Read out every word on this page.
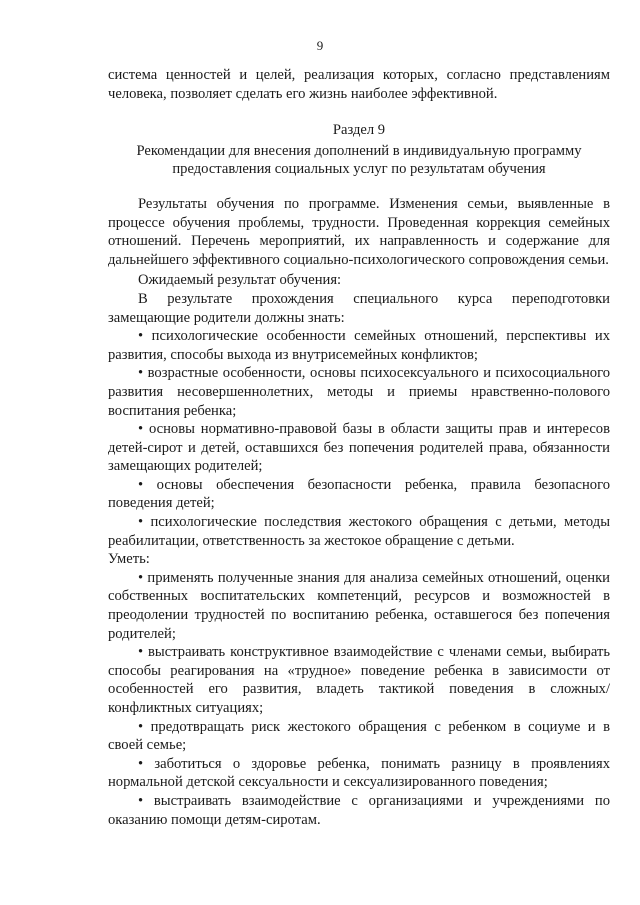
9

система ценностей и целей, реализация которых, согласно представлениям человека, позволяет сделать его жизнь наиболее эффективной.

Раздел 9

Рекомендации для внесения дополнений в индивидуальную программу

предоставления социальных услуг по результатам обучения

Результаты обучения по программе. Изменения семьи, выявленные в процессе обучения проблемы, трудности. Проведенная коррекция семейных отношений. Перечень мероприятий, их направленность и содержание для дальнейшего эффективного социально-психологического сопровождения семьи.

Ожидаемый результат обучения:

В результате прохождения специального курса переподготовки замещающие родители должны знать:

• психологические особенности семейных отношений, перспективы их развития, способы выхода из внутрисемейных конфликтов;

• возрастные особенности, основы психосексуального и психосоциального развития несовершеннолетних, методы и приемы нравственно-полового воспитания ребенка;

• основы нормативно-правовой базы в области защиты прав и интересов детей-сирот и детей, оставшихся без попечения родителей права, обязанности замещающих родителей;

• основы обеспечения безопасности ребенка, правила безопасного поведения детей;

• психологические последствия жестокого обращения с детьми, методы реабилитации, ответственность за жестокое обращение с детьми.

Уметь:

• применять полученные знания для анализа семейных отношений, оценки собственных воспитательских компетенций, ресурсов и возможностей в преодолении трудностей по воспитанию ребенка, оставшегося без попечения родителей;

• выстраивать конструктивное взаимодействие с членами семьи, выбирать способы реагирования на «трудное» поведение ребенка в зависимости от особенностей его развития, владеть тактикой поведения в сложных/конфликтных ситуациях;

• предотвращать риск жестокого обращения с ребенком в социуме и в своей семье;

• заботиться о здоровье ребенка, понимать разницу в проявлениях нормальной детской сексуальности и сексуализированного поведения;

• выстраивать взаимодействие с организациями и учреждениями по оказанию помощи детям-сиротам.
